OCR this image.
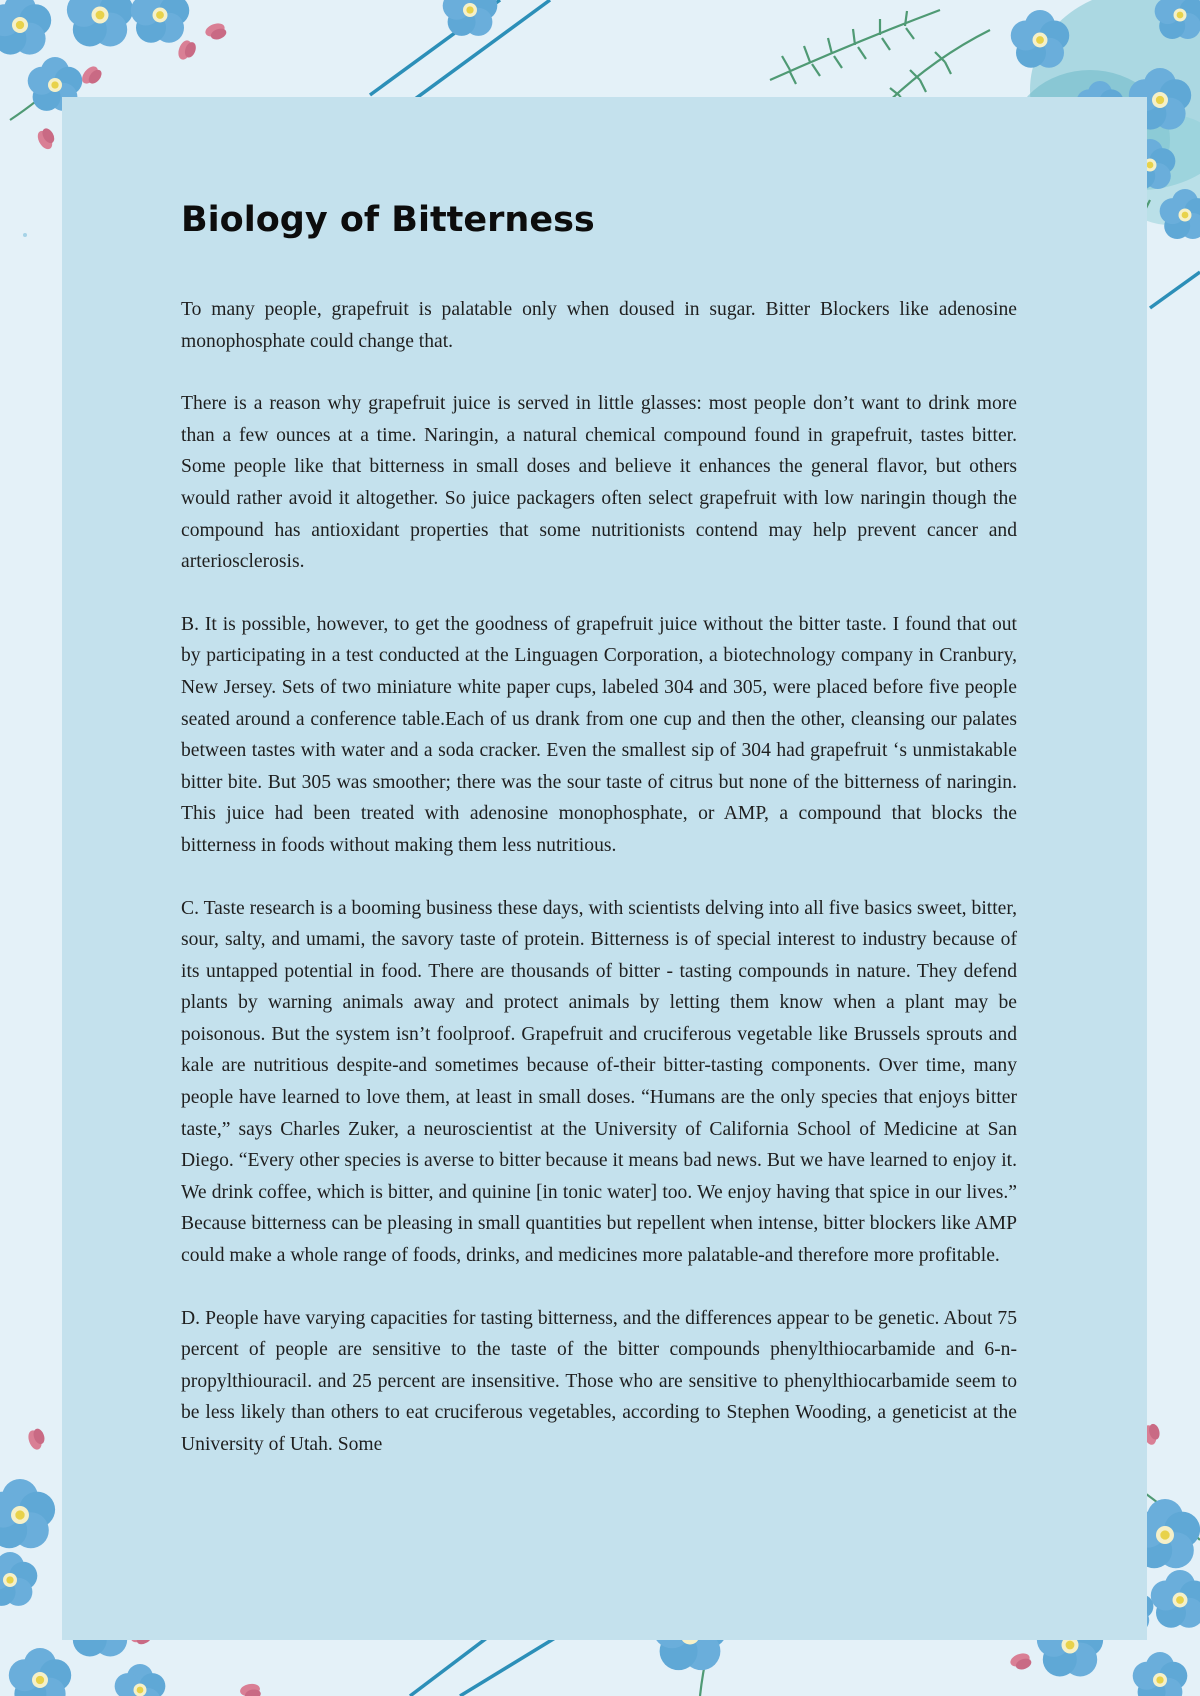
Biology of Bitterness

To many people, grapefruit is palatable only when doused in sugar. Bitter Blockers like adenosine monophosphate could change that.

There is a reason why grapefruit juice is served in little glasses: most people don’t want to drink more than a few ounces at a time. Naringin, a natural chemical compound found in grapefruit, tastes bitter. Some people like that bitterness in small doses and believe it enhances the general flavor, but others would rather avoid it altogether. So juice packagers often select grapefruit with low naringin though the compound has antioxidant properties that some nutritionists contend may help prevent cancer and arteriosclerosis.

B. It is possible, however, to get the goodness of grapefruit juice without the bitter taste. I found that out by participating in a test conducted at the Linguagen Corporation, a biotechnology company in Cranbury, New Jersey. Sets of two miniature white paper cups, labeled 304 and 305, were placed before five people seated around a conference table.Each of us drank from one cup and then the other, cleansing our palates between tastes with water and a soda cracker. Even the smallest sip of 304 had grapefruit ‘s unmistakable bitter bite. But 305 was smoother; there was the sour taste of citrus but none of the bitterness of naringin. This juice had been treated with adenosine monophosphate, or AMP, a compound that blocks the bitterness in foods without making them less nutritious.

C. Taste research is a booming business these days, with scientists delving into all five basics sweet, bitter, sour, salty, and umami, the savory taste of protein. Bitterness is of special interest to industry because of its untapped potential in food. There are thousands of bitter - tasting compounds in nature. They defend plants by warning animals away and protect animals by letting them know when a plant may be poisonous. But the system isn’t foolproof. Grapefruit and cruciferous vegetable like Brussels sprouts and kale are nutritious despite-and sometimes because of-their bitter-tasting components. Over time, many people have learned to love them, at least in small doses. “Humans are the only species that enjoys bitter taste,” says Charles Zuker, a neuroscientist at the University of California School of Medicine at San Diego. “Every other species is averse to bitter because it means bad news. But we have learned to enjoy it. We drink coffee, which is bitter, and quinine [in tonic water] too. We enjoy having that spice in our lives.” Because bitterness can be pleasing in small quantities but repellent when intense, bitter blockers like AMP could make a whole range of foods, drinks, and medicines more palatable-and therefore more profitable.

D. People have varying capacities for tasting bitterness, and the differences appear to be genetic. About 75 percent of people are sensitive to the taste of the bitter compounds phenylthiocarbamide and 6-n-propylthiouracil. and 25 percent are insensitive. Those who are sensitive to phenylthiocarbamide seem to be less likely than others to eat cruciferous vegetables, according to Stephen Wooding, a geneticist at the University of Utah. Some
